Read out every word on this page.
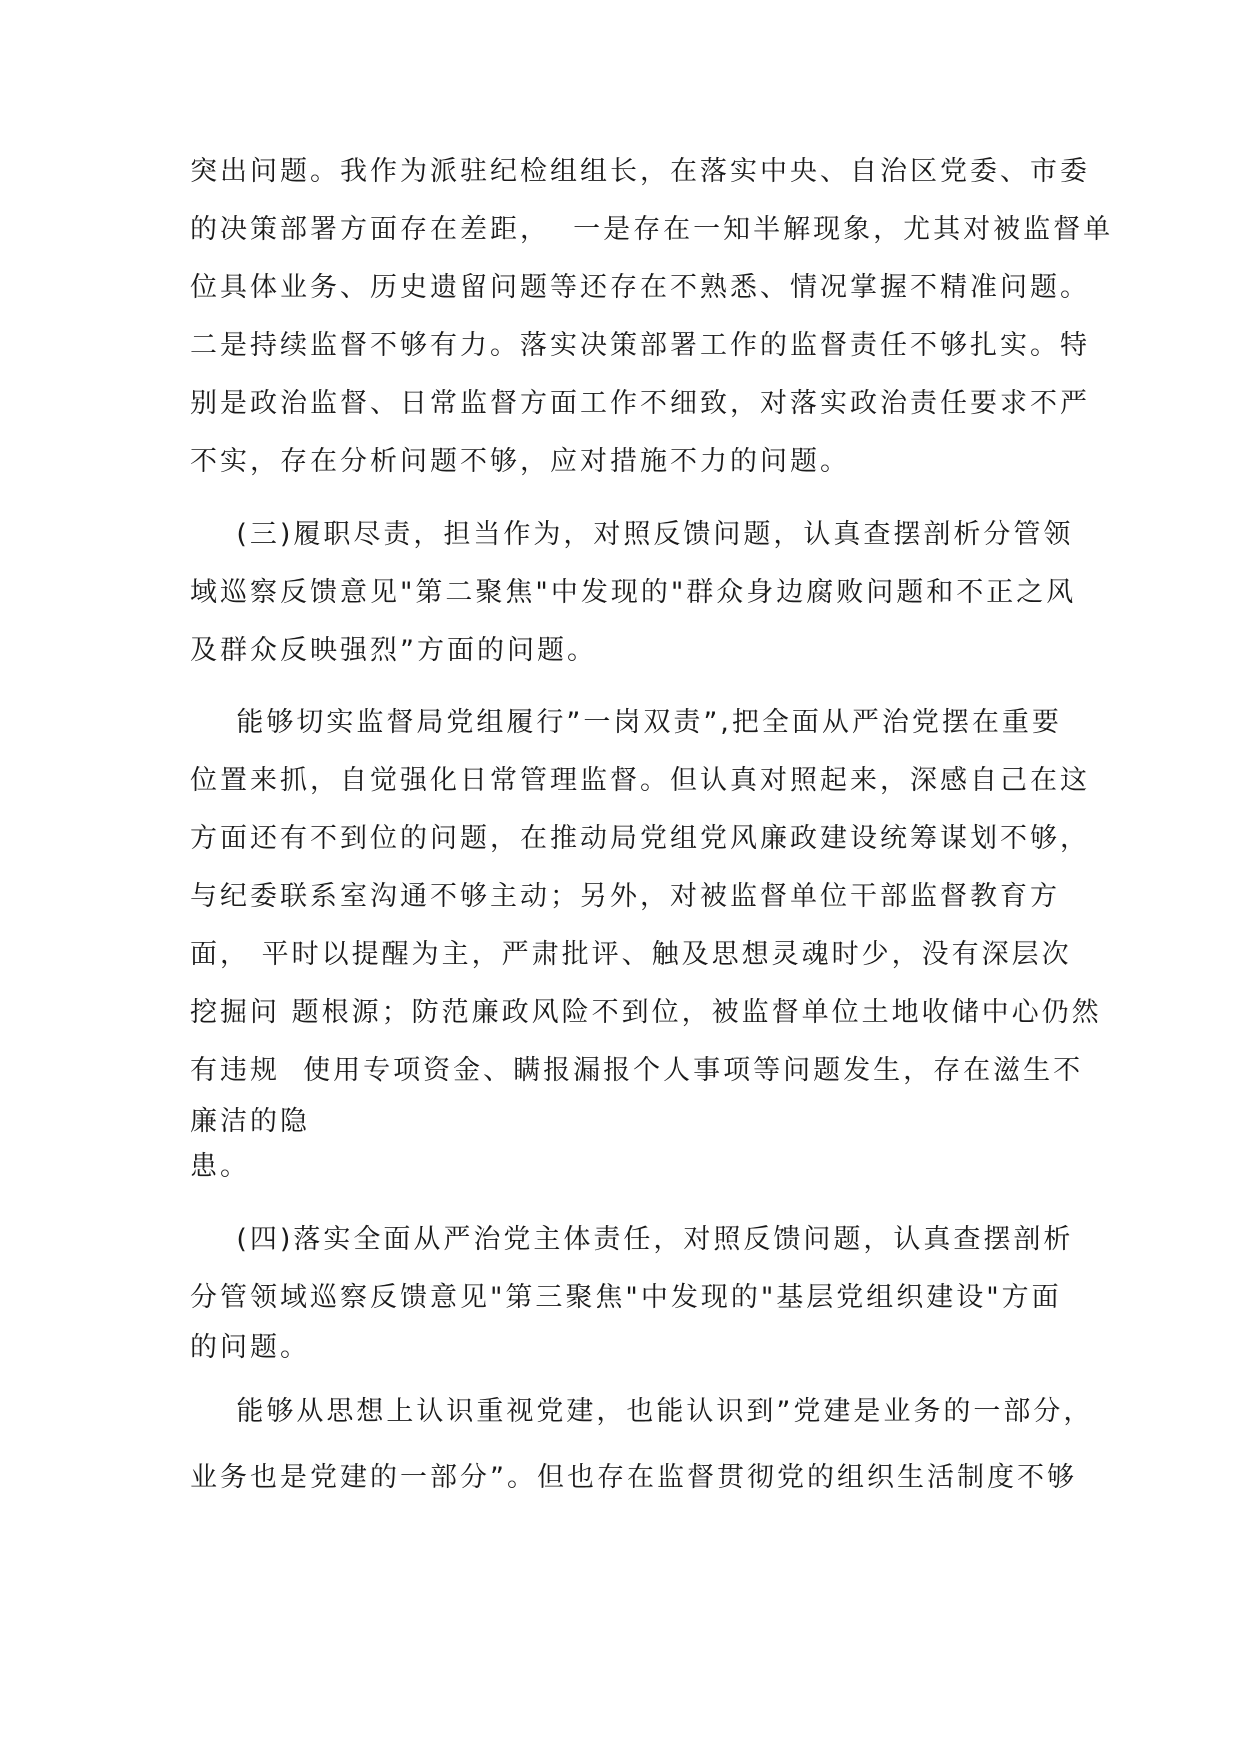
突出问题。我作为派驻纪检组组长，在落实中央、自治区党委、市委

的决策部署方面存在差距，  一是存在一知半解现象，尤其对被监督单

位具体业务、历史遗留问题等还存在不熟悉、情况掌握不精准问题。

二是持续监督不够有力。落实决策部署工作的监督责任不够扎实。特

别是政治监督、日常监督方面工作不细致，对落实政治责任要求不严

不实，存在分析问题不够，应对措施不力的问题。

(三)履职尽责，担当作为，对照反馈问题，认真查摆剖析分管领

域巡察反馈意见"第二聚焦"中发现的"群众身边腐败问题和不正之风

及群众反映强烈”方面的问题。

能够切实监督局党组履行”一岗双责”,把全面从严治党摆在重要

位置来抓，自觉强化日常管理监督。但认真对照起来，深感自己在这

方面还有不到位的问题，在推动局党组党风廉政建设统筹谋划不够，

与纪委联系室沟通不够主动；另外，对被监督单位干部监督教育方

面， 平时以提醒为主，严肃批评、触及思想灵魂时少，没有深层次

挖掘问 题根源；防范廉政风险不到位，被监督单位土地收储中心仍然

有违规  使用专项资金、瞒报漏报个人事项等问题发生，存在滋生不

廉洁的隐

患。

(四)落实全面从严治党主体责任，对照反馈问题，认真查摆剖析

分管领域巡察反馈意见"第三聚焦"中发现的"基层党组织建设"方面

的问题。

能够从思想上认识重视党建，也能认识到”党建是业务的一部分，

业务也是党建的一部分”。但也存在监督贯彻党的组织生活制度不够
